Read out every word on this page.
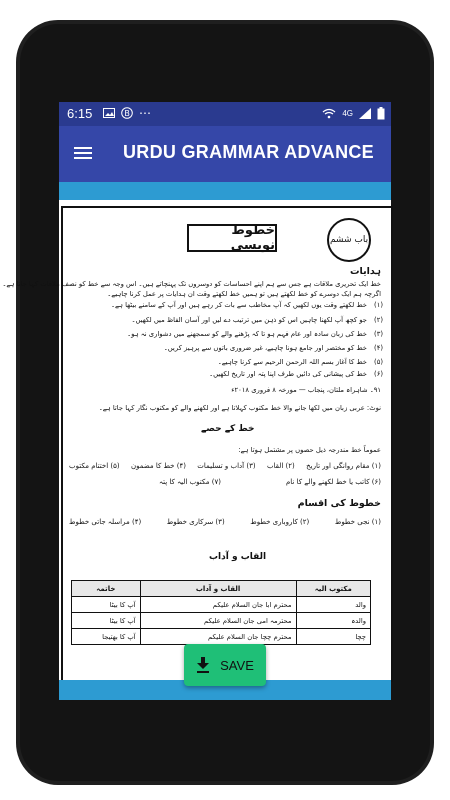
6:15	B ⋯	4G
URDU GRAMMAR ADVANCE
باب ششم
خطوط نویسی
ہدایات
خط ایک تحریری ملاقات ہے جس سے ہم اپنے احساسات کو دوسروں تک پہنچاتے ہیں۔ اس وجہ سے خط کو نصف ملاقات کہا جاتا ہے۔
اگرچہ ہم ایک دوسرے کو خط لکھتے ہیں تو ہمیں خط لکھتے وقت ان ہدایات پر عمل کرنا چاہیے۔
(۱)
خط لکھتے وقت یوں لکھیں کہ آپ مخاطب سے بات کر رہے ہیں اور آپ کے سامنے بیٹھا ہے۔
(۲)
جو کچھ آپ لکھنا چاہیں اس کو ذہن میں ترتیب دے لیں اور آسان الفاظ میں لکھیں۔
(۳)
خط کی زبان سادہ اور عام فہم ہو تا کہ پڑھنے والے کو سمجھنے میں دشواری نہ ہو۔
(۴)
خط کو مختصر اور جامع ہونا چاہیے، غیر ضروری باتوں سے پرہیز کریں۔
(۵)
خط کا آغاز بسم اللہ الرحمن الرحیم سے کرنا چاہیے۔
(۶)
خط کی پیشانی کی دائیں طرف اپنا پتہ اور تاریخ لکھیں۔
۹۱۔ شاہراہ ملتان، پنجاب — مورخہ ۸ فروری ۲۰۱۸ء
نوٹ: عربی زبان میں لکھا جانے والا خط مکتوب کہلاتا ہے اور لکھنے والے کو مکتوب نگار کہا جاتا ہے۔
خط کے حصے
عموماً خط مندرجہ ذیل حصوں پر مشتمل ہوتا ہے:
(۱) مقام روانگی اور تاریخ
(۲) القاب
(۳) آداب و تسلیمات
(۴) خط کا مضمون
(۵) اختتام مکتوب
(۶) کاتب یا خط لکھنے والے کا نام
(۷) مکتوب الیہ کا پتہ
خطوط کی اقسام
(۱) نجی خطوط
(۲) کاروباری خطوط
(۳) سرکاری خطوط
(۴) مراسلہ جاتی خطوط
القاب و آداب
مکتوب الیہ	القاب و آداب	خاتمہ
والد	محترم ابا جان السلام علیکم	آپ کا بیٹا
والدہ	محترمہ امی جان السلام علیکم	آپ کا بیٹا
چچا	محترم چچا جان السلام علیکم	آپ کا بھتیجا
SAVE
